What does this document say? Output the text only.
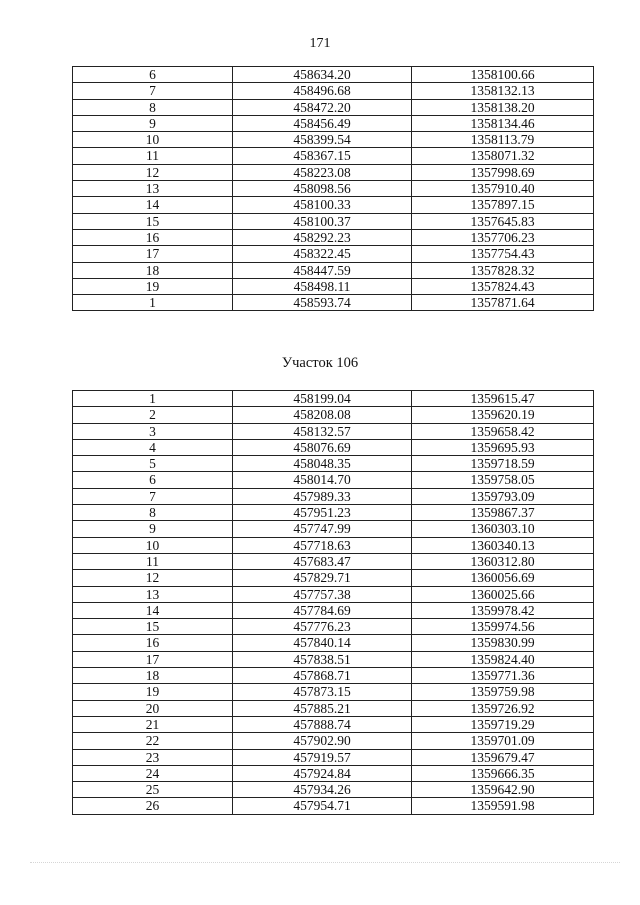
171
6	458634.20	1358100.66
7	458496.68	1358132.13
8	458472.20	1358138.20
9	458456.49	1358134.46
10	458399.54	1358113.79
11	458367.15	1358071.32
12	458223.08	1357998.69
13	458098.56	1357910.40
14	458100.33	1357897.15
15	458100.37	1357645.83
16	458292.23	1357706.23
17	458322.45	1357754.43
18	458447.59	1357828.32
19	458498.11	1357824.43
1	458593.74	1357871.64
Участок 106
1	458199.04	1359615.47
2	458208.08	1359620.19
3	458132.57	1359658.42
4	458076.69	1359695.93
5	458048.35	1359718.59
6	458014.70	1359758.05
7	457989.33	1359793.09
8	457951.23	1359867.37
9	457747.99	1360303.10
10	457718.63	1360340.13
11	457683.47	1360312.80
12	457829.71	1360056.69
13	457757.38	1360025.66
14	457784.69	1359978.42
15	457776.23	1359974.56
16	457840.14	1359830.99
17	457838.51	1359824.40
18	457868.71	1359771.36
19	457873.15	1359759.98
20	457885.21	1359726.92
21	457888.74	1359719.29
22	457902.90	1359701.09
23	457919.57	1359679.47
24	457924.84	1359666.35
25	457934.26	1359642.90
26	457954.71	1359591.98
